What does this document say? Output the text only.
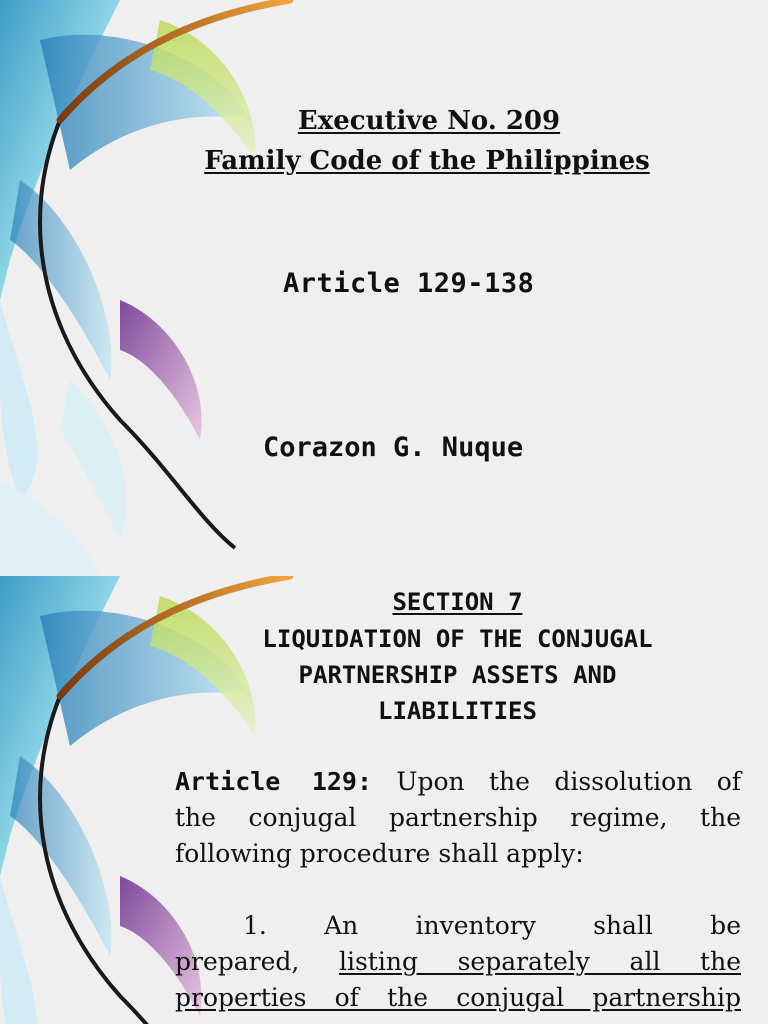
Executive No. 209

Family Code of the Philippines

Article 129-138

Corazon G. Nuque

SECTION 7

LIQUIDATION OF THE CONJUGAL

PARTNERSHIP ASSETS AND

LIABILITIES

Article 129: Upon the dissolution of
the conjugal partnership regime, the

following procedure shall apply:

1. An inventory shall be
prepared, listing separately all the
properties of the conjugal partnership
